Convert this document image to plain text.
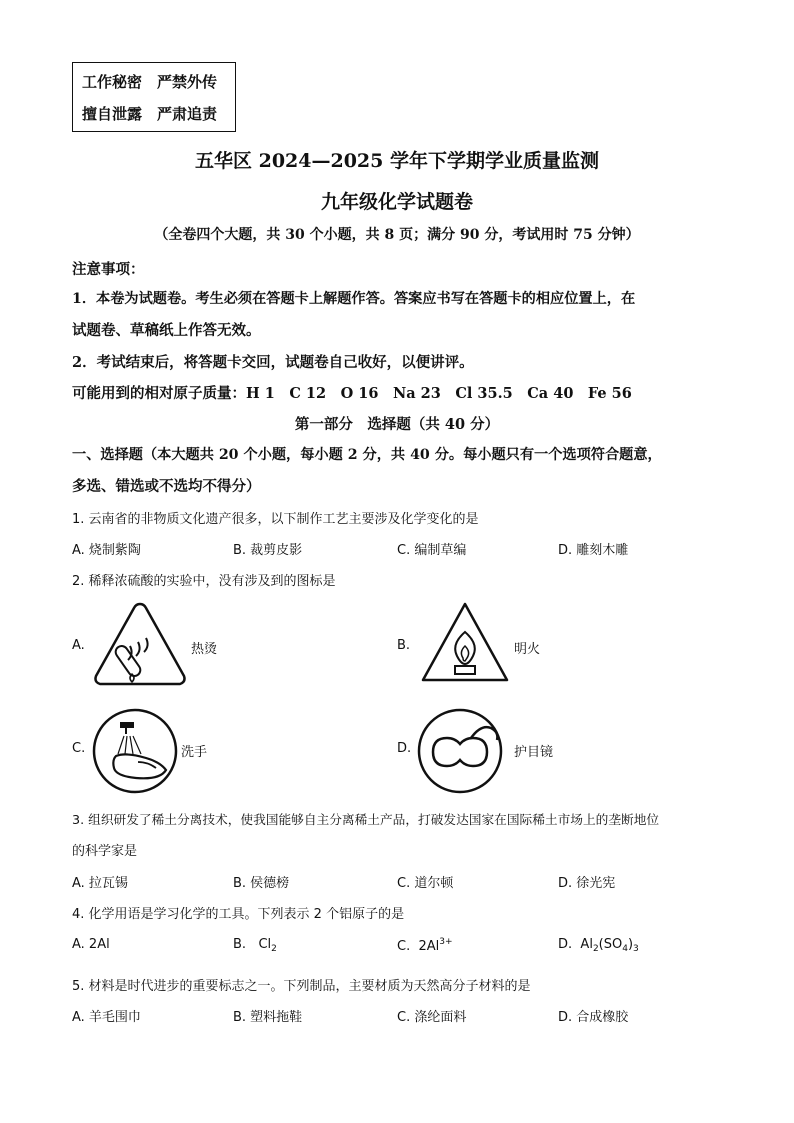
工作秘密　严禁外传
擅自泄露　严肃追责
五华区 2024—2025 学年下学期学业质量监测
九年级化学试题卷
（全卷四个大题，共 30 个小题，共 8 页；满分 90 分，考试用时 75 分钟）
注意事项：
1．本卷为试题卷。考生必须在答题卡上解题作答。答案应书写在答题卡的相应位置上，在
试题卷、草稿纸上作答无效。
2．考试结束后，将答题卡交回，试题卷自己收好，以便讲评。
可能用到的相对原子质量：H 1　C 12　O 16　Na 23　Cl 35.5　Ca 40　Fe 56
第一部分　选择题（共 40 分）
一、选择题（本大题共 20 个小题，每小题 2 分，共 40 分。每小题只有一个选项符合题意，
多选、错选或不选均不得分）
1. 云南省的非物质文化遗产很多，以下制作工艺主要涉及化学变化的是
A. 烧制紫陶	B. 裁剪皮影	C. 编制草编	D. 雕刻木雕
2. 稀释浓硫酸的实验中，没有涉及到的图标是
A.	热烫	B.	明火
C.	洗手	D.	护目镜
3. 组织研发了稀土分离技术，使我国能够自主分离稀土产品，打破发达国家在国际稀土市场上的垄断地位
的科学家是
A. 拉瓦锡	B. 侯德榜	C. 道尔顿	D. 徐光宪
4. 化学用语是学习化学的工具。下列表示 2 个铝原子的是
A. 2Al	B. $Cl_2$	C. $2Al^{3+}$	D. $Al_2(SO_4)_3$
5. 材料是时代进步的重要标志之一。下列制品，主要材质为天然高分子材料的是
A. 羊毛围巾	B. 塑料拖鞋	C. 涤纶面料	D. 合成橡胶
